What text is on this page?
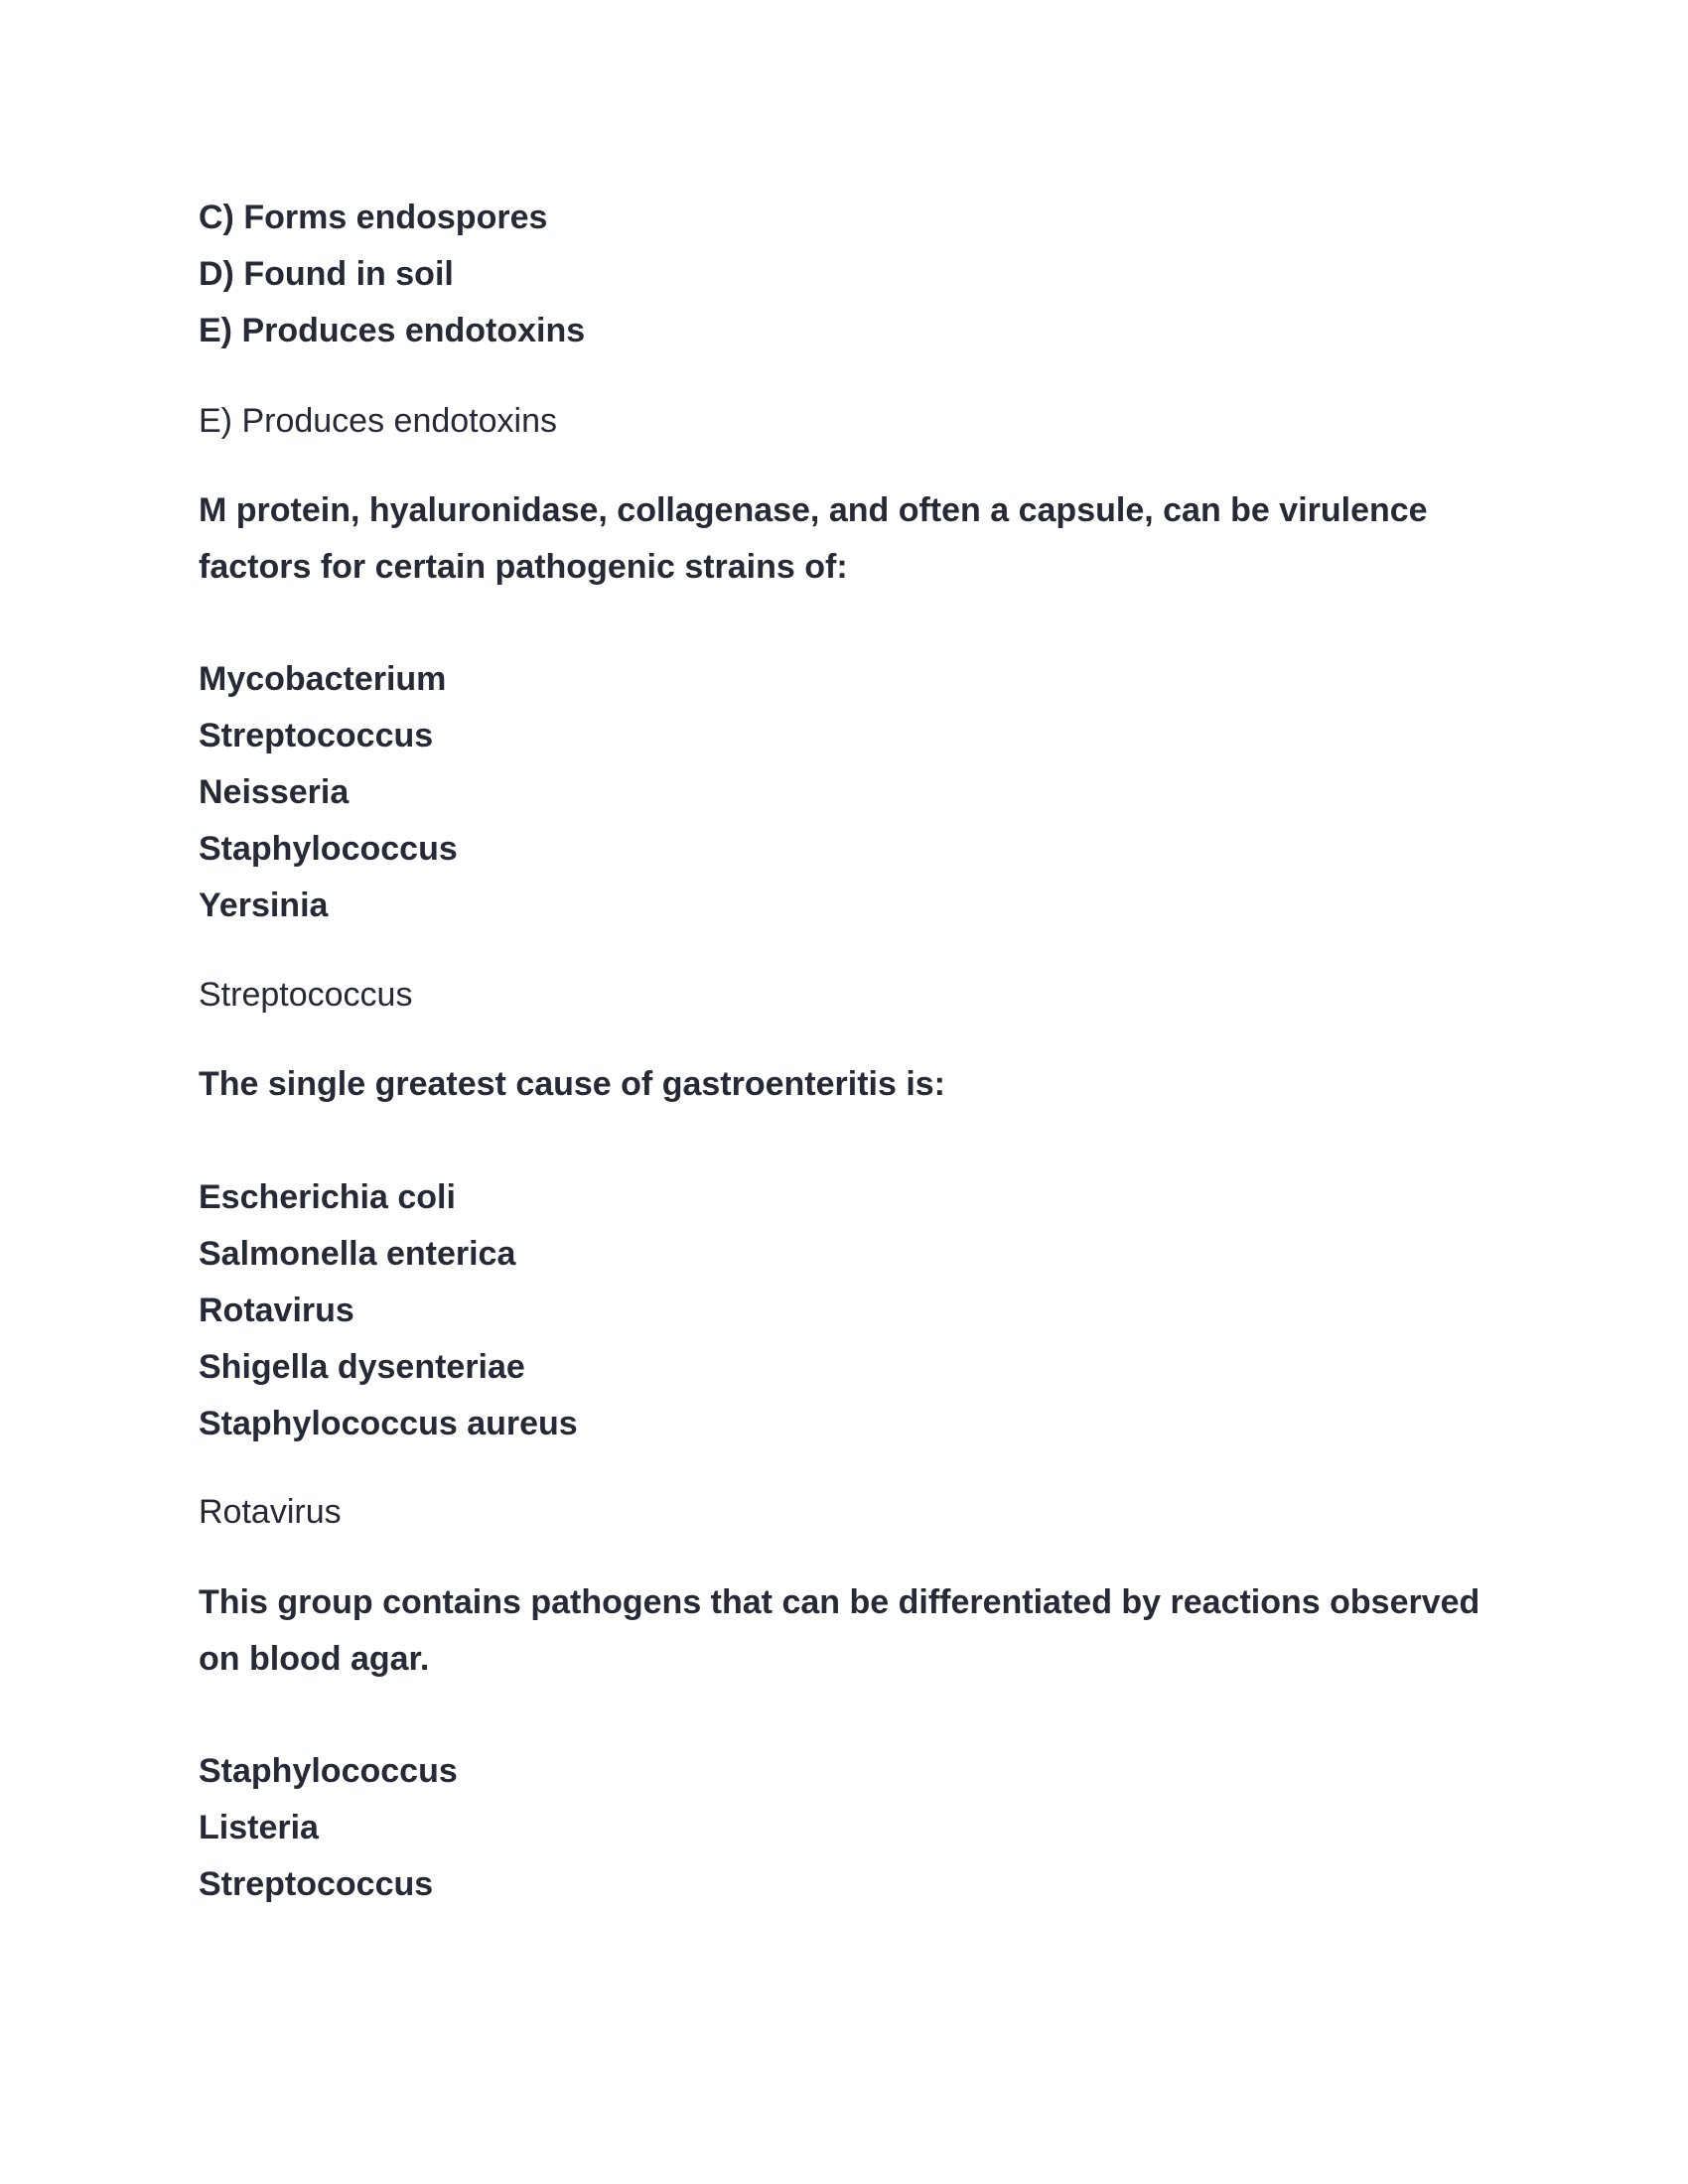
C) Forms endospores
D) Found in soil
E) Produces endotoxins
E) Produces endotoxins
M protein, hyaluronidase, collagenase, and often a capsule, can be virulence
factors for certain pathogenic strains of:
Mycobacterium
Streptococcus
Neisseria
Staphylococcus
Yersinia
Streptococcus
The single greatest cause of gastroenteritis is:
Escherichia coli
Salmonella enterica
Rotavirus
Shigella dysenteriae
Staphylococcus aureus
Rotavirus
This group contains pathogens that can be differentiated by reactions observed
on blood agar.
Staphylococcus
Listeria
Streptococcus
